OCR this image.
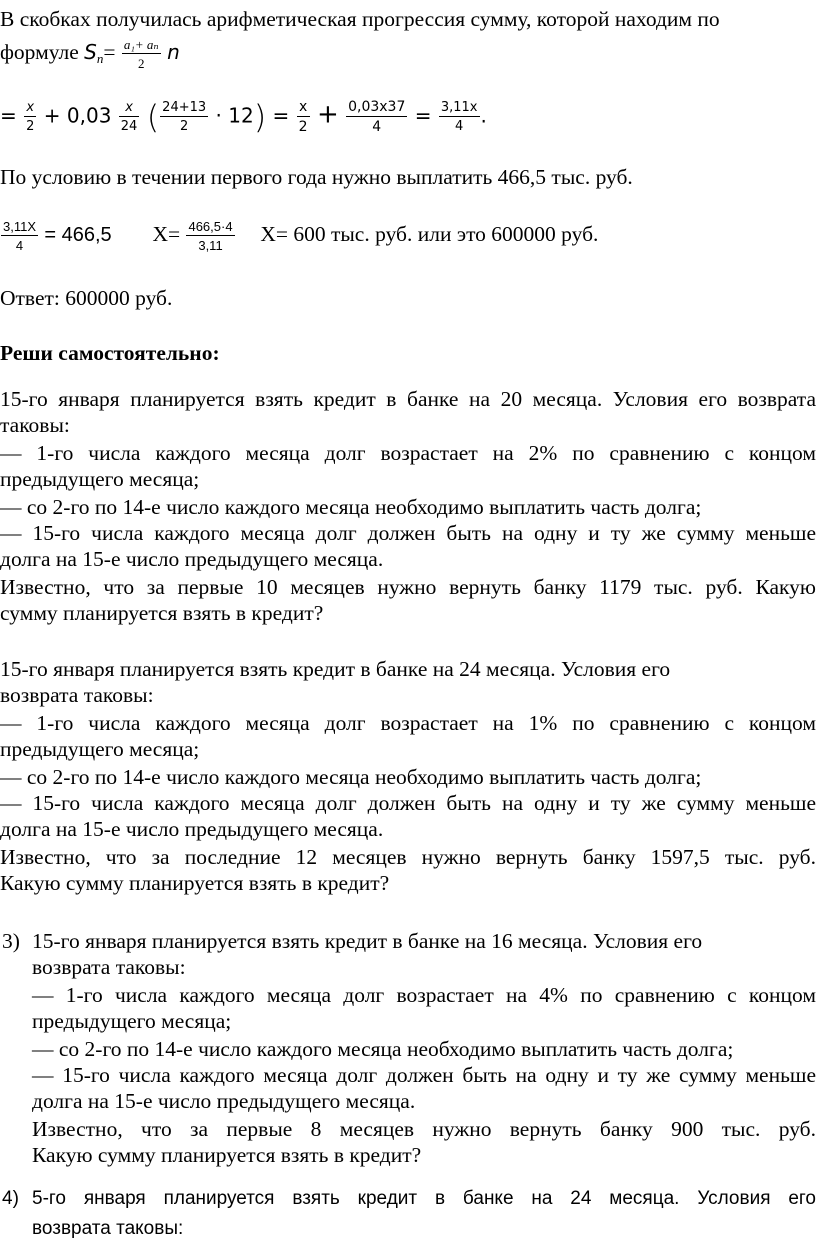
В скобках получилась арифметическая прогрессия сумму, которой находим по
формуле $S_n= \frac{\text{a₁+ aₙ}}{2}$ n
= $\frac{x}{2} + 0,03 \frac{x}{24}$ ( $\frac{24+13}{2} \cdot 12) = \frac{x}{2} + \frac{0,03x37}{4} = \frac{3,11x}{4}$ .
По условию в течении первого года нужно выплатить 466,5 тыс. руб.
$\frac{3,11X}{4} = 466,5$ $X= \frac{466,5\cdot 4}{3,11} X= 600$ тыс. руб. или это 600000 руб.
Ответ: 600000 руб.
Реши самостоятельно:
15-го января планируется взять кредит в банке на 20 месяца. Условия его возврата
таковы:
— 1-го числа каждого месяца долг возрастает на 2% по сравнению с концом
предыдущего месяца;
— со 2-го по 14-е число каждого месяца необходимо выплатить часть долга;
— 15-го числа каждого месяца долг должен быть на одну и ту же сумму меньше
долга на 15-е число предыдущего месяца.
Известно, что за первые 10 месяцев нужно вернуть банку 1179 тыс. руб. Какую
сумму планируется взять в кредит?
15-го января планируется взять кредит в банке на 24 месяца. Условия его
возврата таковы:
— 1-го числа каждого месяца долг возрастает на 1% по сравнению с концом
предыдущего месяца;
— со 2-го по 14-е число каждого месяца необходимо выплатить часть долга;
— 15-го числа каждого месяца долг должен быть на одну и ту же сумму меньше
долга на 15-е число предыдущего месяца.
Известно, что за последние 12 месяцев нужно вернуть банку 1597,5 тыс. руб.
Какую сумму планируется взять в кредит?
3) 15-го января планируется взять кредит в банке на 16 месяца. Условия его
возврата таковы:
— 1-го числа каждого месяца долг возрастает на 4% по сравнению с концом
предыдущего месяца;
— со 2-го по 14-е число каждого месяца необходимо выплатить часть долга;
— 15-го числа каждого месяца долг должен быть на одну и ту же сумму меньше
долга на 15-е число предыдущего месяца.
Известно, что за первые 8 месяцев нужно вернуть банку 900 тыс. руб.
Какую сумму планируется взять в кредит?
4) 5-го января планируется взять кредит в банке на 24 месяца. Условия его
возврата таковы:
